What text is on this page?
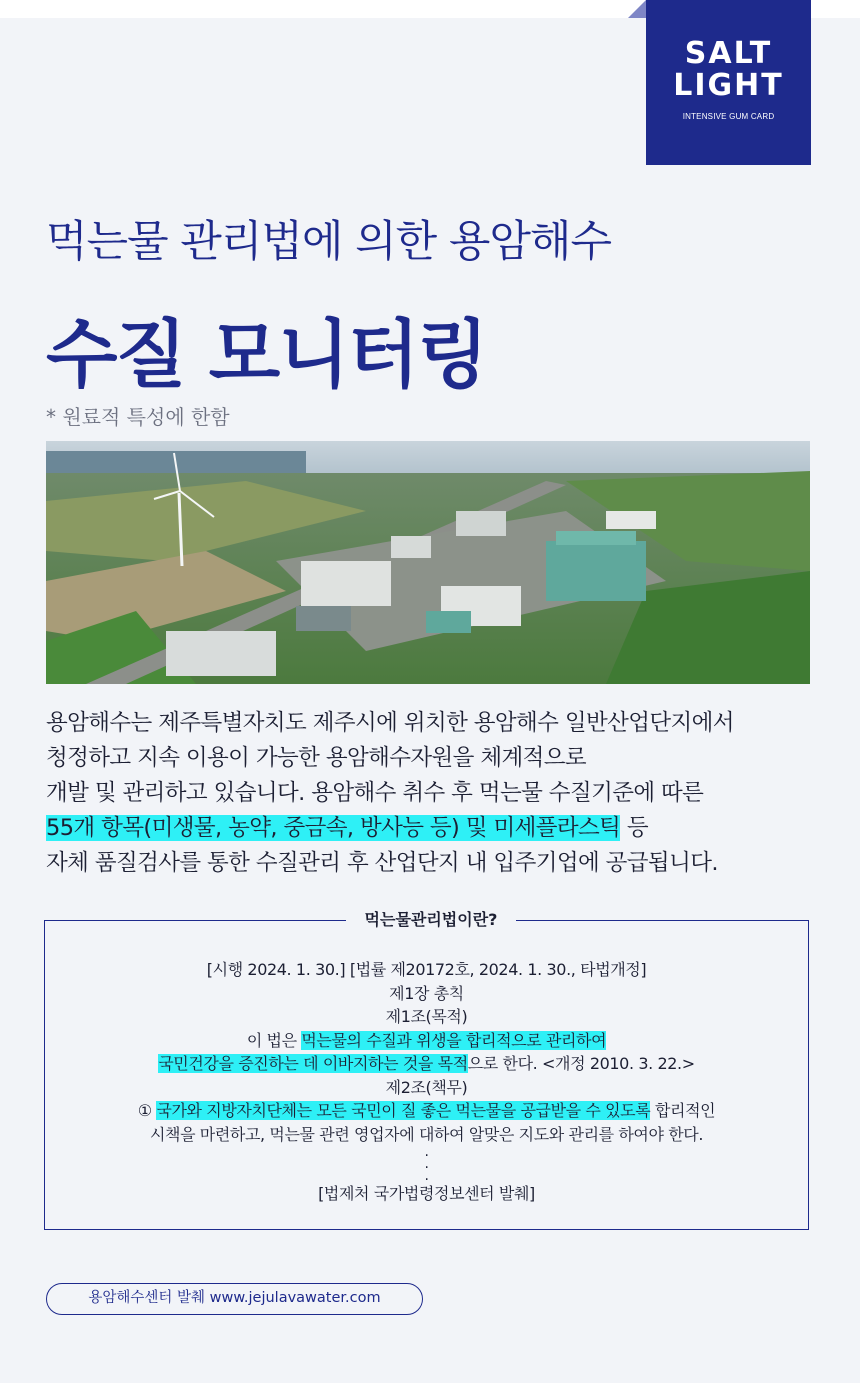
SALT
LIGHT
INTENSIVE GUM CARD
먹는물 관리법에 의한 용암해수
수질 모니터링
* 원료적 특성에 한함
용암해수는 제주특별자치도 제주시에 위치한 용암해수 일반산업단지에서
청정하고 지속 이용이 가능한 용암해수자원을 체계적으로
개발 및 관리하고 있습니다. 용암해수 취수 후 먹는물 수질기준에 따른
55개 항목(미생물, 농약, 중금속, 방사능 등) 및 미세플라스틱 등
자체 품질검사를 통한 수질관리 후 산업단지 내 입주기업에 공급됩니다.
먹는물관리법이란?
[시행 2024. 1. 30.] [법률 제20172호, 2024. 1. 30., 타법개정]
제1장 총칙
제1조(목적)
이 법은 먹는물의 수질과 위생을 합리적으로 관리하여
국민건강을 증진하는 데 이바지하는 것을 목적으로 한다. <개정 2010. 3. 22.>
제2조(책무)
① 국가와 지방자치단체는 모든 국민이 질 좋은 먹는물을 공급받을 수 있도록 합리적인
시책을 마련하고, 먹는물 관련 영업자에 대하여 알맞은 지도와 관리를 하여야 한다.
.
.
.
[법제처 국가법령정보센터 발췌]
용암해수센터 발췌 www.jejulavawater.com
